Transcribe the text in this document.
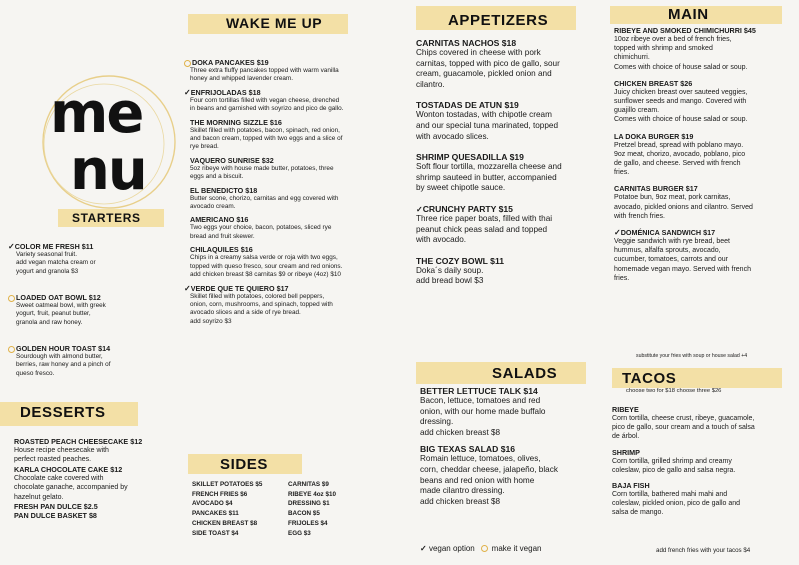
me
nu
STARTERS
✓COLOR ME FRESH $11
Variety seasonal fruit.
add vegan matcha cream or
yogurt and granola $3
LOADED OAT BOWL $12
Sweet oatmeal bowl, with greek
yogurt, fruit, peanut butter,
granola and raw honey.
GOLDEN HOUR TOAST $14
Sourdough with almond butter,
berries, raw honey and a pinch of
queso fresco.
DESSERTS
ROASTED PEACH CHEESECAKE $12
House recipe cheesecake with
perfect roasted peaches.
KARLA CHOCOLATE CAKE $12
Chocolate cake covered with
chocolate ganache, accompanied by
hazelnut gelato.
FRESH PAN DULCE $2.5
PAN DULCE BASKET $8
WAKE ME UP
DOKA PANCAKES $19
Three extra fluffy pancakes topped with warm vanilla
honey and whipped lavender cream.
✓ENFRIJOLADAS $18
Four corn tortillas filled with vegan cheese, drenched
in beans and garnished with soyrizo and pico de gallo.
THE MORNING SIZZLE $16
Skillet filled with potatoes, bacon, spinach, red onion,
and bacon cream, topped with two eggs and a slice of
rye bread.
VAQUERO SUNRISE $32
5oz ribeye with house made butter, potatoes, three
eggs and a biscuit.
EL BENEDICTO $18
Butter scone, chorizo, carnitas and egg covered with
avocado cream.
AMERICANO $16
Two eggs your choice, bacon, potatoes, sliced rye
bread and fruit skewer.
CHILAQUILES $16
Chips in a creamy salsa verde or roja with two eggs,
topped with queso fresco, sour cream and red onions.
add chicken breast $8 carnitas $9 or ribeye (4oz) $10
✓VERDE QUE TE QUIERO $17
Skillet filled with potatoes, colored bell peppers,
onion, corn, mushrooms, and spinach, topped with
avocado slices and a side of rye bread.
add soyrizo $3
SIDES
SKILLET POTATOES $5
FRENCH FRIES $6
AVOCADO $4
PANCAKES $11
CHICKEN BREAST $8
SIDE TOAST $4
CARNITAS $9
RIBEYE 4oz $10
DRESSING $1
BACON $5
FRIJOLES $4
EGG $3
APPETIZERS
CARNITAS NACHOS $18
Chips covered in cheese with pork
carnitas, topped with pico de gallo, sour
cream, guacamole, pickled onion and
cilantro.
TOSTADAS DE ATUN $19
Wonton tostadas, with chipotle cream
and our special tuna marinated, topped
with avocado slices.
SHRIMP QUESADILLA $19
Soft flour tortilla, mozzarella cheese and
shrimp sauteed in butter, accompanied
by sweet chipotle sauce.
✓CRUNCHY PARTY $15
Three rice paper boats, filled with thai
peanut chick peas salad and topped
with avocado.
THE COZY BOWL $11
Doka´s daily soup.
add bread bowl $3
SALADS
BETTER LETTUCE TALK $14
Bacon, lettuce, tomatoes and red
onion, with our home made buffalo
dressing.
add chicken breast $8
BIG TEXAS SALAD $16
Romain lettuce, tomatoes, olives,
corn, cheddar cheese, jalapeño, black
beans and red onion with home
made cilantro dressing.
add chicken breast $8
✓ vegan option make it vegan
MAIN
RIBEYE AND SMOKED CHIMICHURRI $45
10oz ribeye over a bed of french fries,
topped with shrimp and smoked
chimichurri.
Comes with choice of house salad or soup.
CHICKEN BREAST $26
Juicy chicken breast over sauteed veggies,
sunflower seeds and mango. Covered with
guajillo cream.
Comes with choice of house salad or soup.
LA DOKA BURGER $19
Pretzel bread, spread with poblano mayo.
9oz meat, chorizo, avocado, poblano, pico
de gallo, and cheese. Served with french
fries.
CARNITAS BURGER $17
Potatoe bun, 9oz meat, pork carnitas,
avocado, pickled onions and cilantro. Served
with french fries.
✓DOMÉNICA SANDWICH $17
Veggie sandwich with rye bread, beet
hummus, alfalfa sprouts, avocado,
cucumber, tomatoes, carrots and our
homemade vegan mayo. Served with french
fries.
substitute your fries with soup or house salad +4
TACOS
choose two for $18 choose three $26
RIBEYE
Corn tortilla, cheese crust, ribeye, guacamole,
pico de gallo, sour cream and a touch of salsa
de árbol.
SHRIMP
Corn tortilla, grilled shrimp and creamy
coleslaw, pico de gallo and salsa negra.
BAJA FISH
Corn tortilla, bathered mahi mahi and
coleslaw, pickled onion, pico de gallo and
salsa de mango.
add french fries with your tacos $4
